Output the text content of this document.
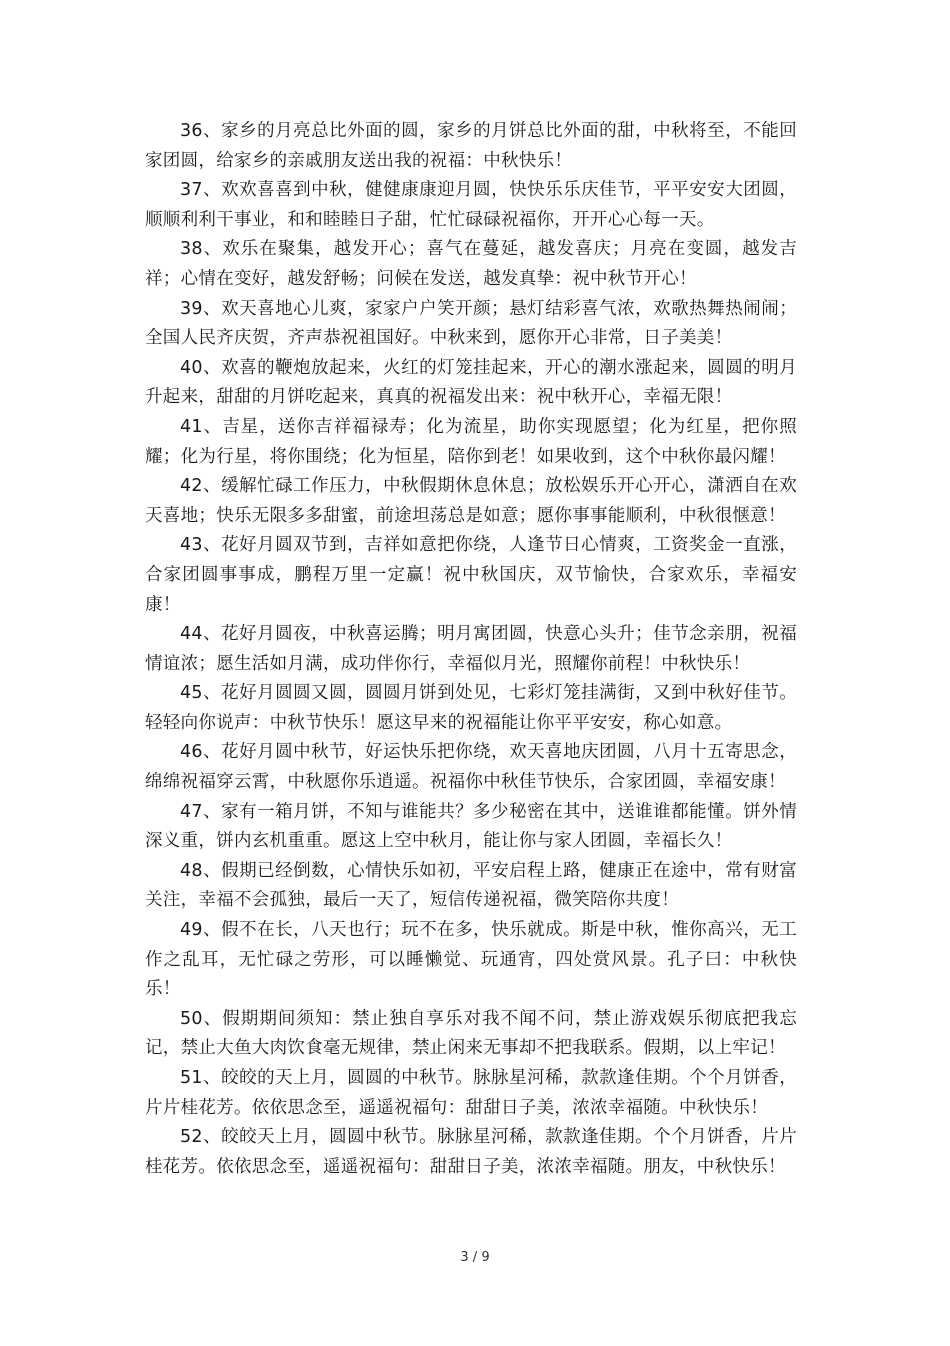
36、家乡的月亮总比外面的圆，家乡的月饼总比外面的甜，中秋将至，不能回家团圆，给家乡的亲戚朋友送出我的祝福：中秋快乐！

37、欢欢喜喜到中秋，健健康康迎月圆，快快乐乐庆佳节，平平安安大团圆，顺顺利利干事业，和和睦睦日子甜，忙忙碌碌祝福你，开开心心每一天。

38、欢乐在聚集，越发开心；喜气在蔓延，越发喜庆；月亮在变圆，越发吉祥；心情在变好，越发舒畅；问候在发送，越发真挚：祝中秋节开心！

39、欢天喜地心儿爽，家家户户笑开颜；悬灯结彩喜气浓，欢歌热舞热闹闹；全国人民齐庆贺，齐声恭祝祖国好。中秋来到，愿你开心非常，日子美美！

40、欢喜的鞭炮放起来，火红的灯笼挂起来，开心的潮水涨起来，圆圆的明月升起来，甜甜的月饼吃起来，真真的祝福发出来：祝中秋开心，幸福无限！

41、吉星，送你吉祥福禄寿；化为流星，助你实现愿望；化为红星，把你照耀；化为行星，将你围绕；化为恒星，陪你到老！如果收到，这个中秋你最闪耀！

42、缓解忙碌工作压力，中秋假期休息休息；放松娱乐开心开心，潇洒自在欢天喜地；快乐无限多多甜蜜，前途坦荡总是如意；愿你事事能顺利，中秋很惬意！

43、花好月圆双节到，吉祥如意把你绕，人逢节日心情爽，工资奖金一直涨，合家团圆事事成，鹏程万里一定赢！祝中秋国庆，双节愉快，合家欢乐，幸福安康！

44、花好月圆夜，中秋喜运腾；明月寓团圆，快意心头升；佳节念亲朋，祝福情谊浓；愿生活如月满，成功伴你行，幸福似月光，照耀你前程！中秋快乐！

45、花好月圆圆又圆，圆圆月饼到处见，七彩灯笼挂满街，又到中秋好佳节。轻轻向你说声：中秋节快乐！愿这早来的祝福能让你平平安安，称心如意。

46、花好月圆中秋节，好运快乐把你绕，欢天喜地庆团圆，八月十五寄思念，绵绵祝福穿云霄，中秋愿你乐逍遥。祝福你中秋佳节快乐，合家团圆，幸福安康！

47、家有一箱月饼，不知与谁能共？多少秘密在其中，送谁谁都能懂。饼外情深义重，饼内玄机重重。愿这上空中秋月，能让你与家人团圆，幸福长久！

48、假期已经倒数，心情快乐如初，平安启程上路，健康正在途中，常有财富关注，幸福不会孤独，最后一天了，短信传递祝福，微笑陪你共度！

49、假不在长，八天也行；玩不在多，快乐就成。斯是中秋，惟你高兴，无工作之乱耳，无忙碌之劳形，可以睡懒觉、玩通宵，四处赏风景。孔子曰：中秋快乐！

50、假期期间须知：禁止独自享乐对我不闻不问，禁止游戏娱乐彻底把我忘记，禁止大鱼大肉饮食毫无规律，禁止闲来无事却不把我联系。假期，以上牢记！

51、皎皎的天上月，圆圆的中秋节。脉脉星河稀，款款逢佳期。个个月饼香，片片桂花芳。依依思念至，遥遥祝福句：甜甜日子美，浓浓幸福随。中秋快乐！

52、皎皎天上月，圆圆中秋节。脉脉星河稀，款款逢佳期。个个月饼香，片片桂花芳。依依思念至，遥遥祝福句：甜甜日子美，浓浓幸福随。朋友，中秋快乐！

3 / 9
